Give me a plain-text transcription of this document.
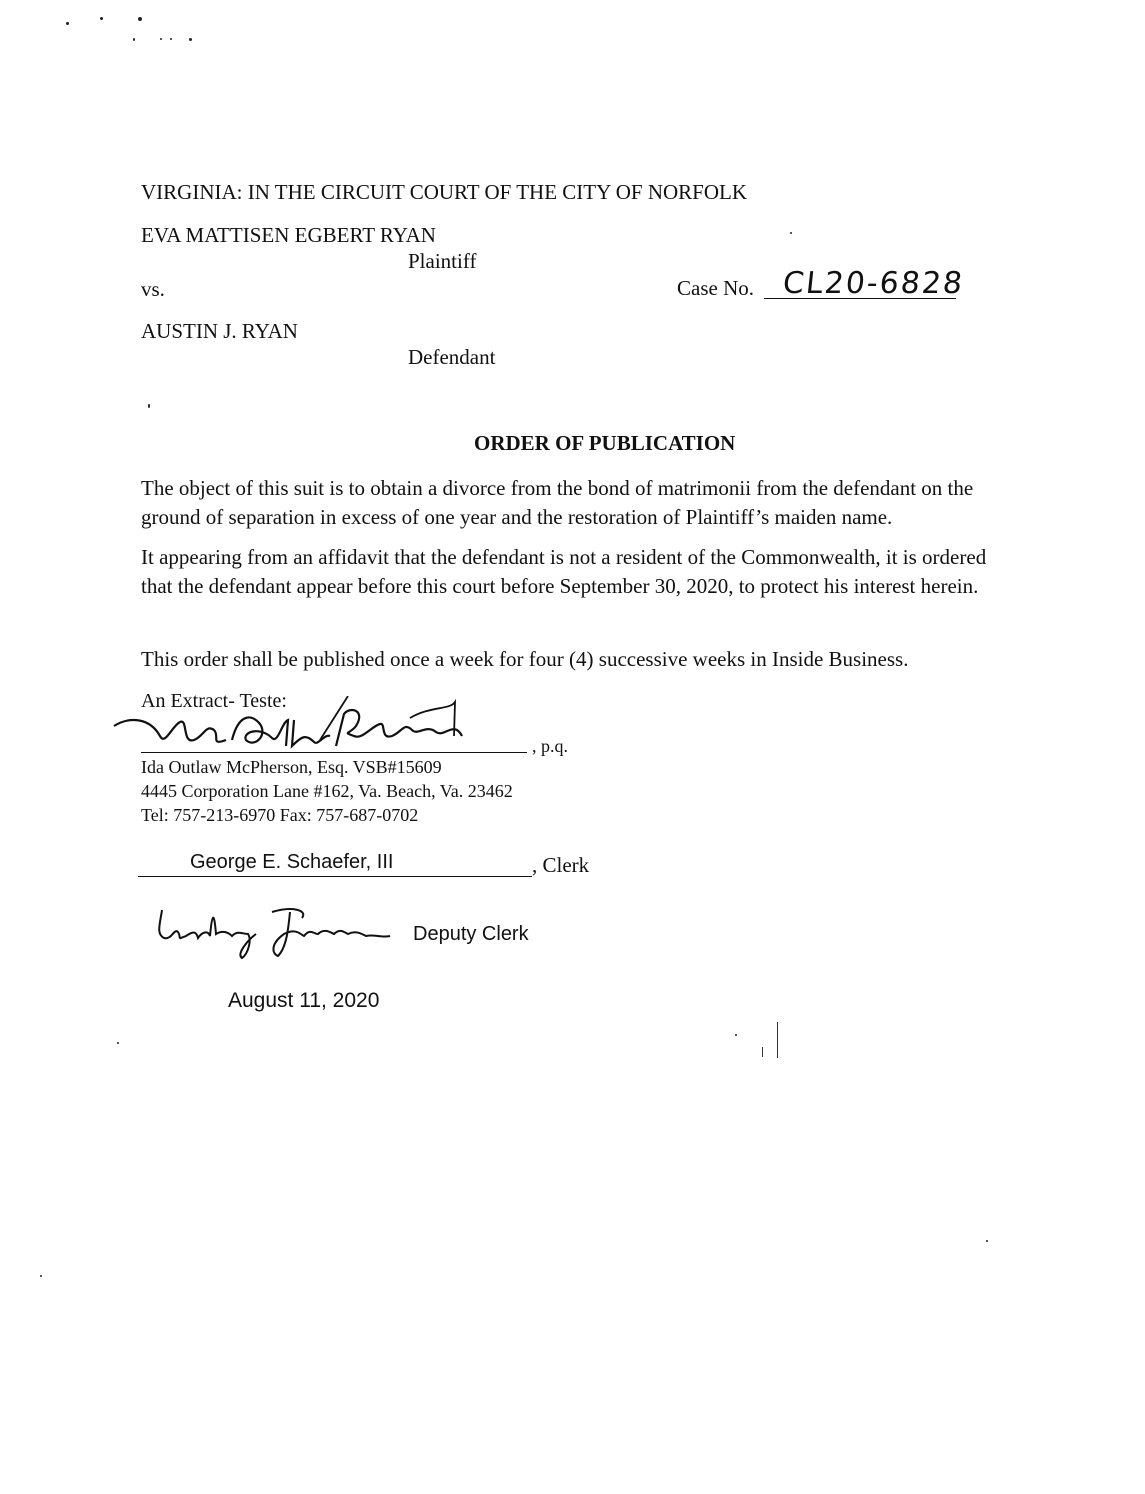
VIRGINIA: IN THE CIRCUIT COURT OF THE CITY OF NORFOLK
EVA MATTISEN EGBERT RYAN
Plaintiff
vs.	Case No. CL20-6828
AUSTIN J. RYAN
Defendant
ORDER OF PUBLICATION
The object of this suit is to obtain a divorce from the bond of matrimonii from the defendant on the ground of separation in excess of one year and the restoration of Plaintiff’s maiden name.
It appearing from an affidavit that the defendant is not a resident of the Commonwealth, it is ordered that the defendant appear before this court before September 30, 2020, to protect his interest herein.
This order shall be published once a week for four (4) successive weeks in Inside Business.
An Extract- Teste:
, p.q.
Ida Outlaw McPherson, Esq. VSB#15609
4445 Corporation Lane #162, Va. Beach, Va. 23462
Tel: 757-213-6970 Fax: 757-687-0702
George E. Schaefer, III	, Clerk
Deputy Clerk
August 11, 2020
